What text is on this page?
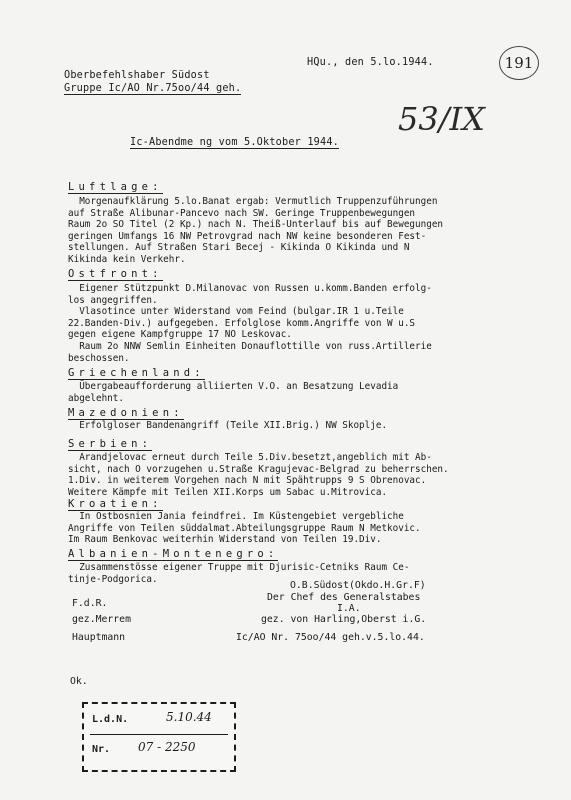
Oberbefehlshaber Südost
Gruppe Ic/AO Nr.75oo/44 geh.
HQu., den 5.lo.1944.	191
53/IX
Ic-Abendme ng vom 5.Oktober 1944.
Luftlage:
Morgenaufklärung 5.lo.Banat ergab: Vermutlich Truppenzuführungen
auf Straße Alibunar-Pancevo nach SW. Geringe Truppenbewegungen
Raum 2o SO Titel (2 Kp.) nach N. Theiß-Unterlauf bis auf Bewegungen
geringen Umfangs 16 NW Petrovgrad nach NW keine besonderen Fest-
stellungen. Auf Straßen Stari Becej - Kikinda O Kikinda und N
Kikinda kein Verkehr.
Ostfront:
Eigener Stützpunkt D.Milanovac von Russen u.komm.Banden erfolg-
los angegriffen.
Vlasotince unter Widerstand vom Feind (bulgar.IR 1 u.Teile
22.Banden-Div.) aufgegeben. Erfolglose komm.Angriffe von W u.S
gegen eigene Kampfgruppe 17 NO Leskovac.
Raum 2o NNW Semlin Einheiten Donauflottille von russ.Artillerie
beschossen.
Griechenland:
Übergabeaufforderung alliierten V.O. an Besatzung Levadia
abgelehnt.
Mazedonien:
Erfolgloser Bandenangriff (Teile XII.Brig.) NW Skoplje.
Serbien:
Arandjelovac erneut durch Teile 5.Div.besetzt,angeblich mit Ab-
sicht, nach O vorzugehen u.Straße Kragujevac-Belgrad zu beherrschen.
1.Div. in weiterem Vorgehen nach N mit Spähtrupps 9 S Obrenovac.
Weitere Kämpfe mit Teilen XII.Korps um Sabac u.Mitrovica.
Kroatien:
In Ostbosnien Jania feindfrei. Im Küstengebiet vergebliche
Angriffe von Teilen süddalmat.Abteilungsgruppe Raum N Metkovic.
Im Raum Benkovac weiterhin Widerstand von Teilen 19.Div.
Albanien-Montenegro:
Zusammenstösse eigener Truppe mit Djurisic-Cetniks Raum Ce-
tinje-Podgorica.
F.d.R.
gez.Merrem
Hauptmann
O.B.Südost(Okdo.H.Gr.F)
Der Chef des Generalstabes
I.A.
gez. von Harling,Oberst i.G.
Ic/AO Nr. 75oo/44 geh.v.5.lo.44.
Ok.
L.d.N.	5.10.44
Nr. 07 - 2250
